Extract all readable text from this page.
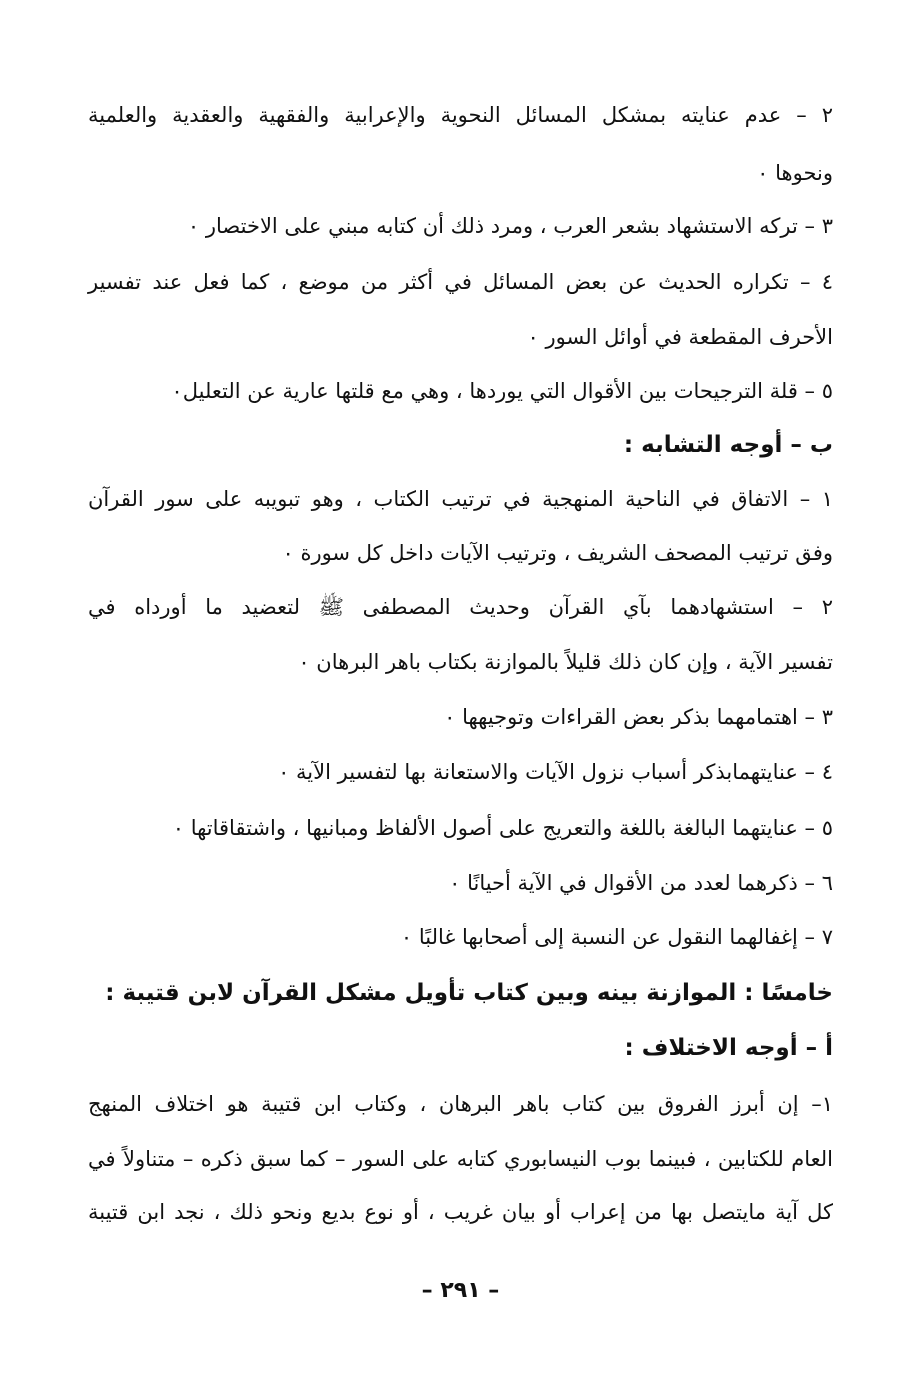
٢ – عدم عنايته بمشكل المسائل النحوية والإعرابية والفقهية والعقدية والعلمية
ونحوها ٠
٣ – تركه الاستشهاد بشعر العرب ، ومرد ذلك أن كتابه مبني على الاختصار ٠
٤ – تكراره الحديث عن بعض المسائل في أكثر من موضع ، كما فعل عند تفسير
الأحرف المقطعة في أوائل السور ٠
٥ – قلة الترجيحات بين الأقوال التي يوردها ، وهي مع قلتها عارية عن التعليل٠
ب – أوجه التشابه :
١ – الاتفاق في الناحية المنهجية في ترتيب الكتاب ، وهو تبويبه على سور القرآن
وفق ترتيب المصحف الشريف ، وترتيب الآيات داخل كل سورة ٠
٢ – استشهادهما بآي القرآن وحديث المصطفى ﷺ لتعضيد ما أورداه في
تفسير الآية ، وإن كان ذلك قليلاً بالموازنة بكتاب باهر البرهان ٠
٣ – اهتمامهما بذكر بعض القراءات وتوجيهها ٠
٤ – عنايتهمابذكر أسباب نزول الآيات والاستعانة بها لتفسير الآية ٠
٥ – عنايتهما البالغة باللغة والتعريج على أصول الألفاظ ومبانيها ، واشتقاقاتها ٠
٦ – ذكرهما لعدد من الأقوال في الآية أحيانًا ٠
٧ – إغفالهما النقول عن النسبة إلى أصحابها غالبًا ٠
خامسًا : الموازنة بينه وبين كتاب تأويل مشكل القرآن لابن قتيبة :
أ – أوجه الاختلاف :
١– إن أبرز الفروق بين كتاب باهر البرهان ، وكتاب ابن قتيبة هو اختلاف المنهج
العام للكتابين ، فبينما بوب النيسابوري كتابه على السور – كما سبق ذكره – متناولاً في
كل آية مايتصل بها من إعراب أو بيان غريب ، أو نوع بديع ونحو ذلك ، نجد ابن قتيبة
– ٢٩١ –
